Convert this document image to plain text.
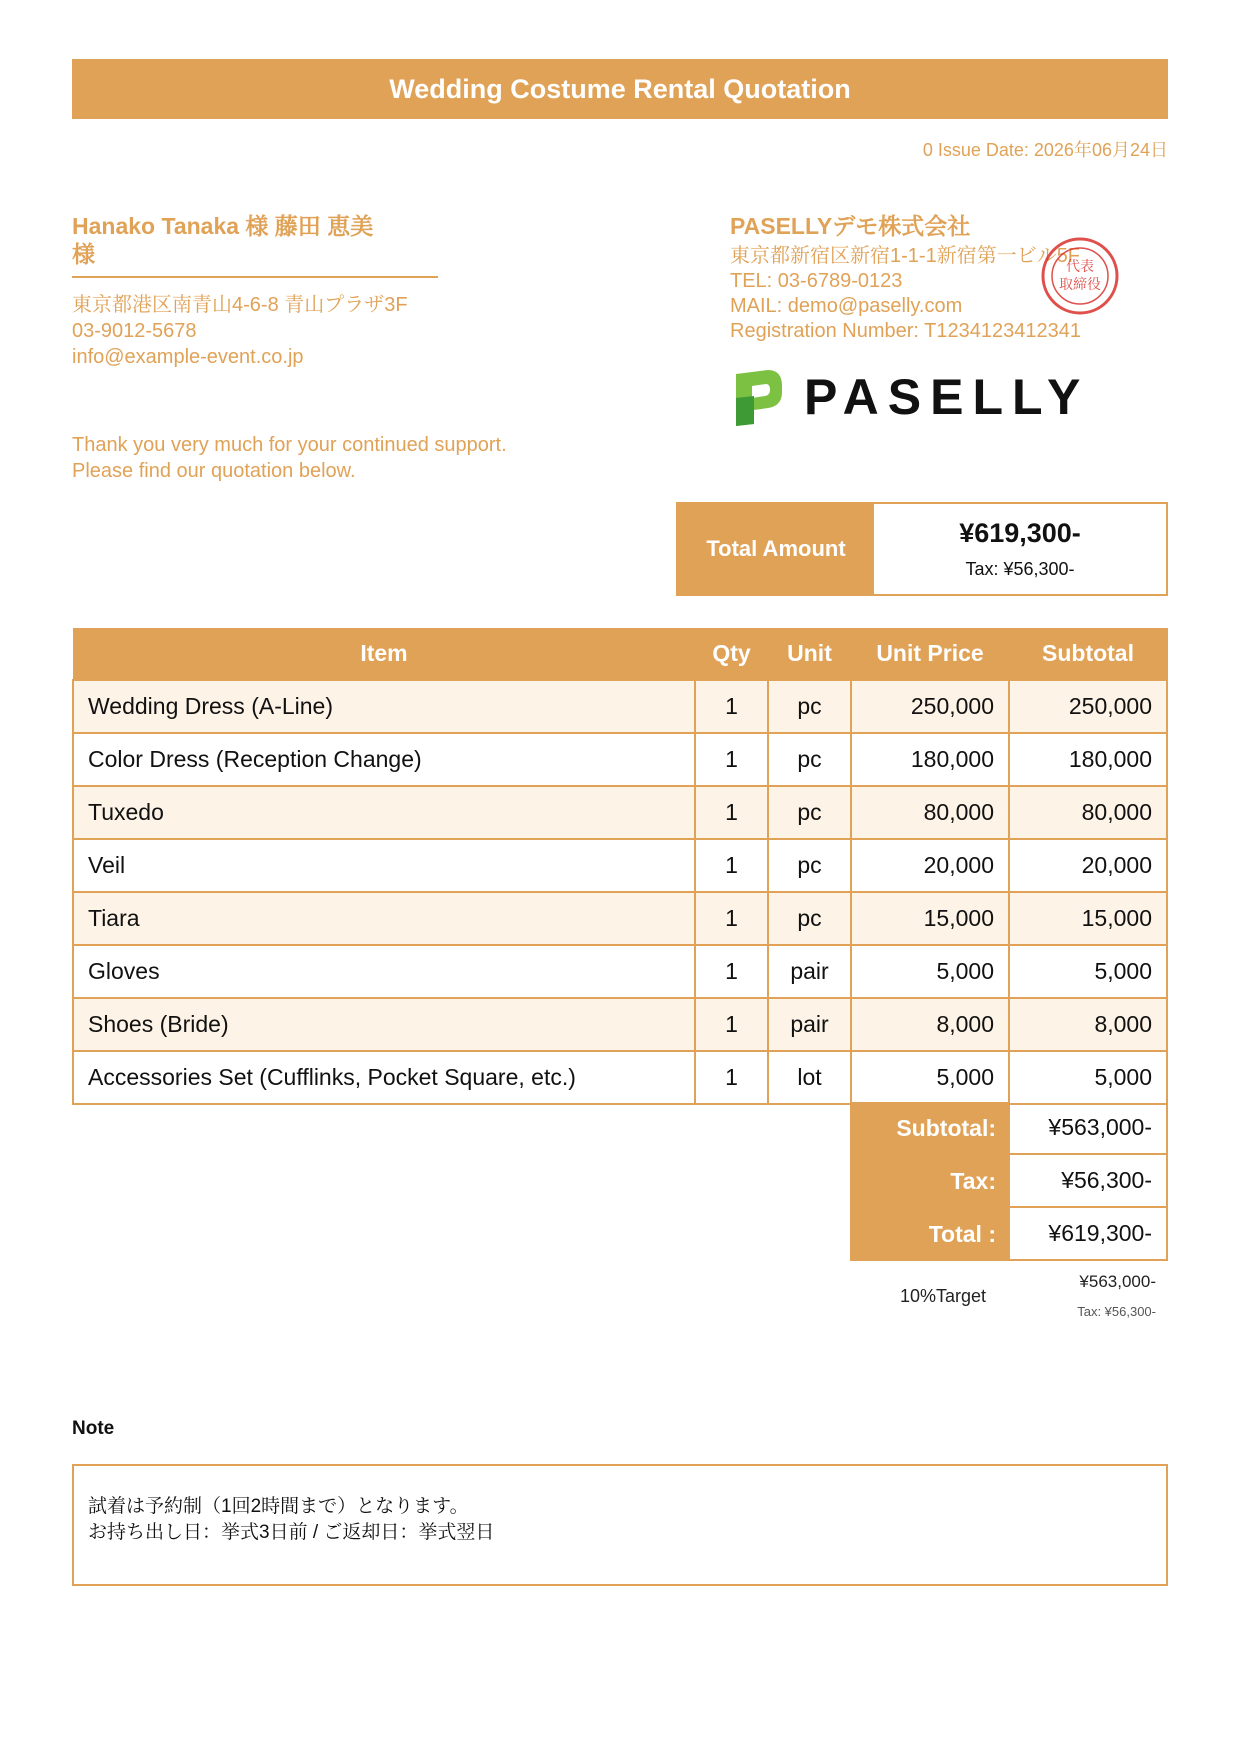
Wedding Costume Rental Quotation
0 Issue Date: 2026年06月24日
Hanako Tanaka 様 藤田 恵美
様
東京都港区南青山4-6-8 青山プラザ3F
03-9012-5678
info@example-event.co.jp
Thank you very much for your continued support.
Please find our quotation below.
PASELLYデモ株式会社
東京都新宿区新宿1-1-1新宿第一ビル5F
TEL: 03-6789-0123
MAIL: demo@paselly.com
Registration Number: T1234123412341
代表
取締役
PASELLY
Total Amount
¥619,300-
Tax: ¥56,300-
Item	Qty	Unit	Unit Price	Subtotal
Wedding Dress (A-Line)	1	pc	250,000	250,000
Color Dress (Reception Change)	1	pc	180,000	180,000
Tuxedo	1	pc	80,000	80,000
Veil	1	pc	20,000	20,000
Tiara	1	pc	15,000	15,000
Gloves	1	pair	5,000	5,000
Shoes (Bride)	1	pair	8,000	8,000
Accessories Set (Cufflinks, Pocket Square, etc.)	1	lot	5,000	5,000
Subtotal:	¥563,000-
Tax:	¥56,300-
Total :	¥619,300-
10%Target
¥563,000-
Tax: ¥56,300-
Note
試着は予約制（1回2時間まで）となります。
お持ち出し日：挙式3日前 / ご返却日：挙式翌日
